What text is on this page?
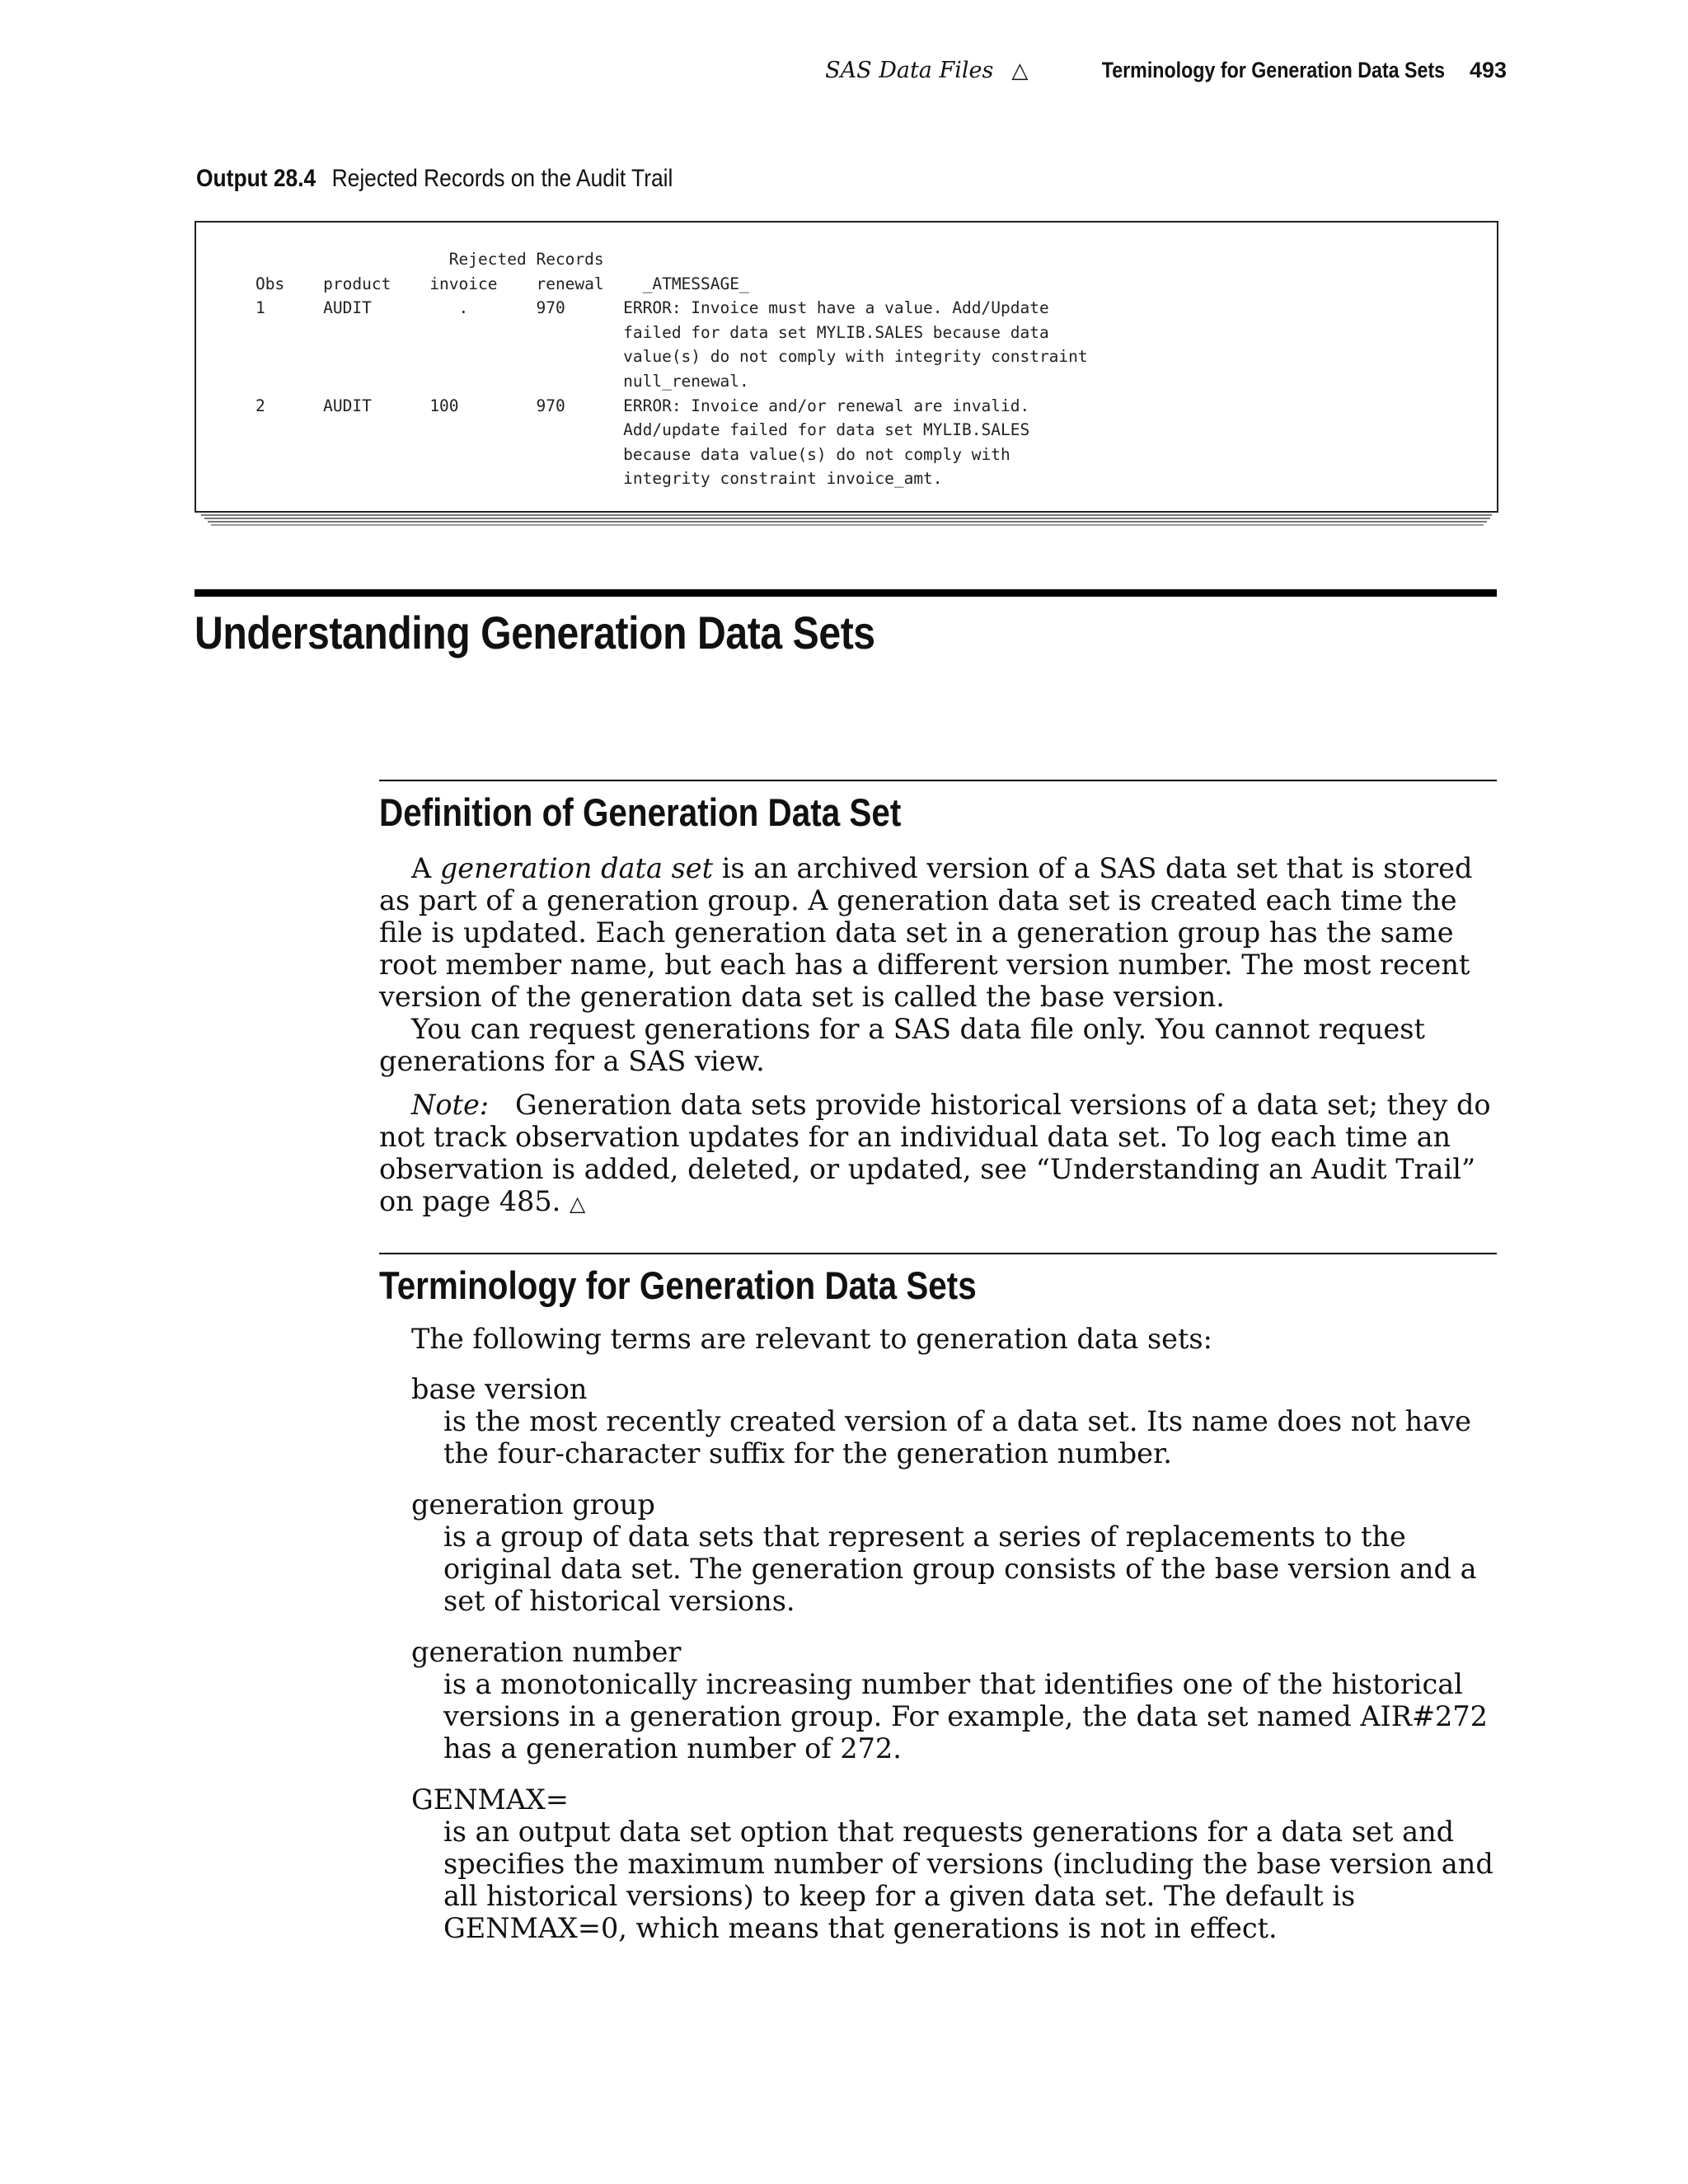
SAS Data Files △	Terminology for Generation Data Sets 493
Output 28.4 Rejected Records on the Audit Trail
Rejected Records
Obs    product    invoice    renewal    _ATMESSAGE_
1      AUDIT         .       970      ERROR: Invoice must have a value. Add/Update
failed for data set MYLIB.SALES because data
value(s) do not comply with integrity constraint
null_renewal.
2      AUDIT      100        970      ERROR: Invoice and/or renewal are invalid.
Add/update failed for data set MYLIB.SALES
because data value(s) do not comply with
integrity constraint invoice_amt.
Understanding Generation Data Sets
Definition of Generation Data Set

A generation data set is an archived version of a SAS data set that is stored as part of a generation group. A generation data set is created each time the file is updated. Each generation data set in a generation group has the same root member name, but each has a different version number. The most recent version of the generation data set is called the base version.

You can request generations for a SAS data file only. You cannot request generations for a SAS view.

Note: Generation data sets provide historical versions of a data set; they do not track observation updates for an individual data set. To log each time an observation is added, deleted, or updated, see “Understanding an Audit Trail” on page 485. △

Terminology for Generation Data Sets
The following terms are relevant to generation data sets:
base version
is the most recently created version of a data set. Its name does not have the four-character suffix for the generation number.
generation group
is a group of data sets that represent a series of replacements to the original data set. The generation group consists of the base version and a set of historical versions.
generation number
is a monotonically increasing number that identifies one of the historical versions in a generation group. For example, the data set named AIR#272 has a generation number of 272.
GENMAX=
is an output data set option that requests generations for a data set and specifies the maximum number of versions (including the base version and all historical versions) to keep for a given data set. The default is GENMAX=0, which means that generations is not in effect.
